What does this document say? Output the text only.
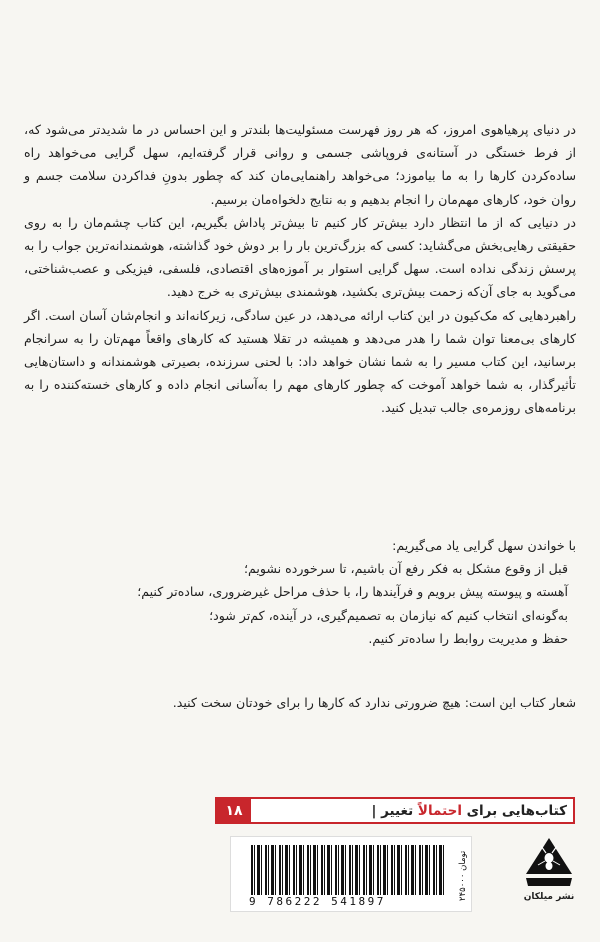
در دنیای پرهیاهوی امروز، که هر روز فهرست مسئولیت‌ها بلندتر و این احساس در ما شدیدتر می‌شود که، از فرط خستگی در آستانه‌ی فروپاشی جسمی و روانی قرار گرفته‌ایم، سهل گرایی می‌خواهد راه ساده‌کردن کارها را به ما بیاموزد؛ می‌خواهد راهنمایی‌مان کند که چطور بدونِ فداکردن سلامت جسم و روان خود، کارهای مهم‌مان را انجام بدهیم و به نتایج دلخواه‌مان برسیم.

در دنیایی که از ما انتظار دارد بیش‌تر کار کنیم تا بیش‌تر پاداش بگیریم، این کتاب چشم‌مان را به روی حقیقتی رهایی‌بخش می‌گشاید: کسی که بزرگ‌ترین بار را بر دوش خود گذاشته، هوشمندانه‌ترین جواب را به پرسش زندگی نداده است. سهل گرایی استوار بر آموزه‌های اقتصادی، فلسفی، فیزیکی و عصب‌شناختی، می‌گوید به جای آن‌که زحمت بیش‌تری بکشید، هوشمندی بیش‌تری به خرج دهید.

راهبردهایی که مک‌کیون در این کتاب ارائه می‌دهد، در عین سادگی، زیرکانه‌اند و انجام‌شان آسان است. اگر کارهای بی‌معنا توان شما را هدر می‌دهد و همیشه در تقلا هستید که کارهای واقعاً مهم‌تان را به سرانجام برسانید، این کتاب مسیر را به شما نشان خواهد داد: با لحنی سرزنده، بصیرتی هوشمندانه و داستان‌هایی تأثیرگذار، به شما خواهد آموخت که چطور کارهای مهم را به‌آسانی انجام داده و کارهای خسته‌کننده را به برنامه‌های روزمره‌ی جالب تبدیل کنید.

با خواندن سهل گرایی یاد می‌گیریم:
قبل از وقوع مشکل به فکر رفع آن باشیم، تا سرخورده نشویم؛
آهسته و پیوسته پیش برویم و فرآیندها را، با حذف مراحل غیرضروری، ساده‌تر کنیم؛
به‌گونه‌ای انتخاب کنیم که نیازمان به تصمیم‌گیری، در آینده، کم‌تر شود؛
حفظ و مدیریت روابط را ساده‌تر کنیم.
شعار کتاب این است: هیچ ضرورتی ندارد که کارها را برای خودتان سخت کنید.
کتاب‌هایی برای احتمالاً تغییر |
۱۸
9 786222 541897
۲۴۵۰۰۰ تومان
نشر میلکان
